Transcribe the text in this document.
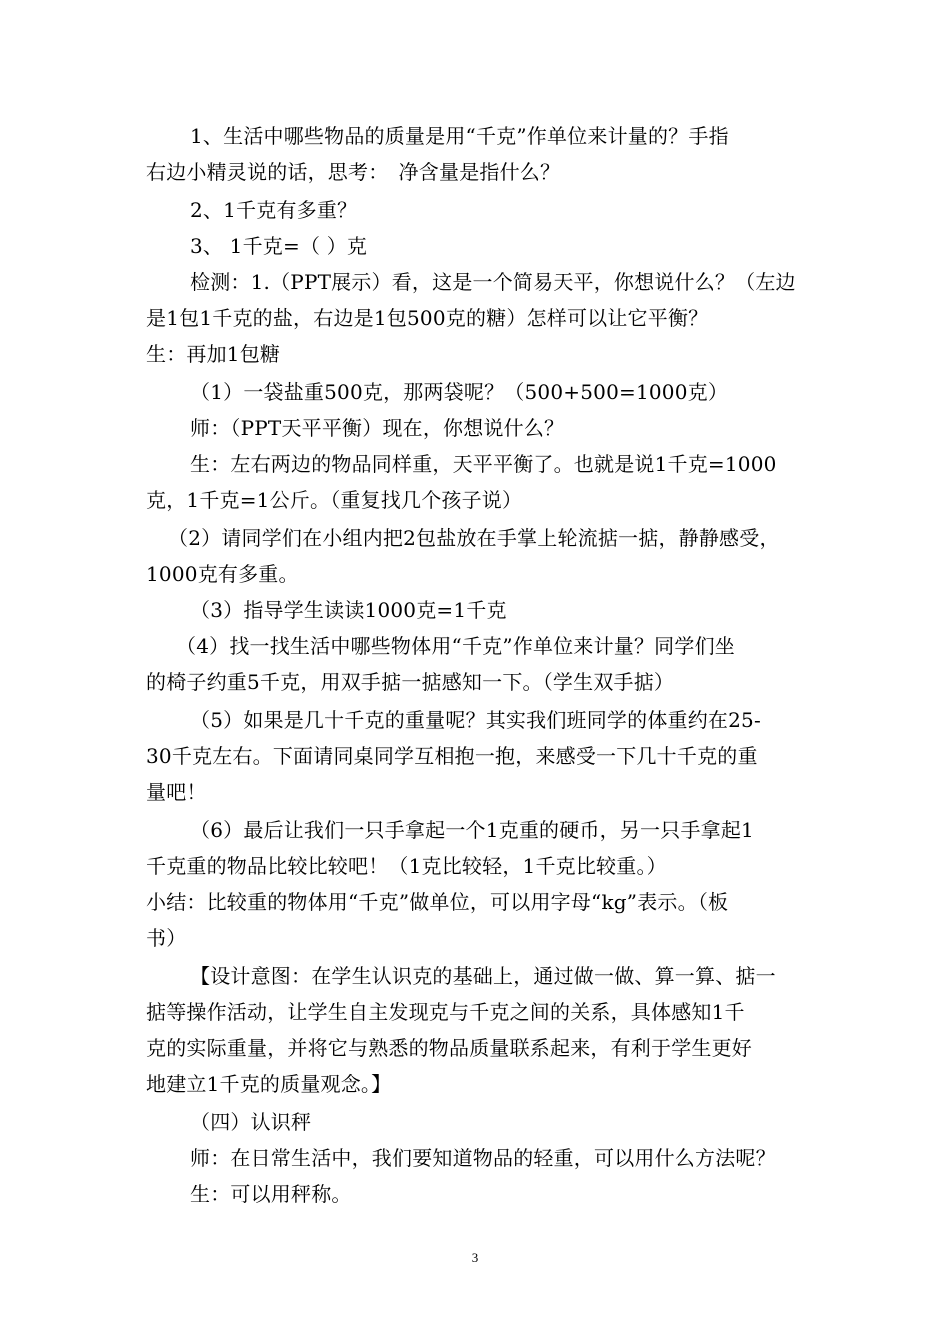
1、生活中哪些物品的质量是用“千克”作单位来计量的？手指
右边小精灵说的话，思考：　净含量是指什么？
2、1千克有多重？
3、 1千克=（ ）克
检测：1.（PPT展示）看，这是一个简易天平，你想说什么？（左边
是1包1千克的盐，右边是1包500克的糖）怎样可以让它平衡？
生：再加1包糖
（1）一袋盐重500克，那两袋呢？（500+500=1000克）
师：（PPT天平平衡）现在，你想说什么？
生：左右两边的物品同样重，天平平衡了。也就是说1千克=1000
克，1千克=1公斤。（重复找几个孩子说）
（2）请同学们在小组内把2包盐放在手掌上轮流掂一掂，静静感受，
1000克有多重。
（3）指导学生读读1000克=1千克
（4）找一找生活中哪些物体用“千克”作单位来计量？同学们坐
的椅子约重5千克，用双手掂一掂感知一下。（学生双手掂）
（5）如果是几十千克的重量呢？其实我们班同学的体重约在25-
30千克左右。下面请同桌同学互相抱一抱，来感受一下几十千克的重
量吧！
（6）最后让我们一只手拿起一个1克重的硬币，另一只手拿起1
千克重的物品比较比较吧！（1克比较轻，1千克比较重。）
小结：比较重的物体用“千克”做单位，可以用字母“kg”表示。（板
书）
【设计意图：在学生认识克的基础上，通过做一做、算一算、掂一
掂等操作活动，让学生自主发现克与千克之间的关系，具体感知1千
克的实际重量，并将它与熟悉的物品质量联系起来，有利于学生更好
地建立1千克的质量观念。】
（四）认识秤
师：在日常生活中，我们要知道物品的轻重，可以用什么方法呢？
生：可以用秤称。
3
